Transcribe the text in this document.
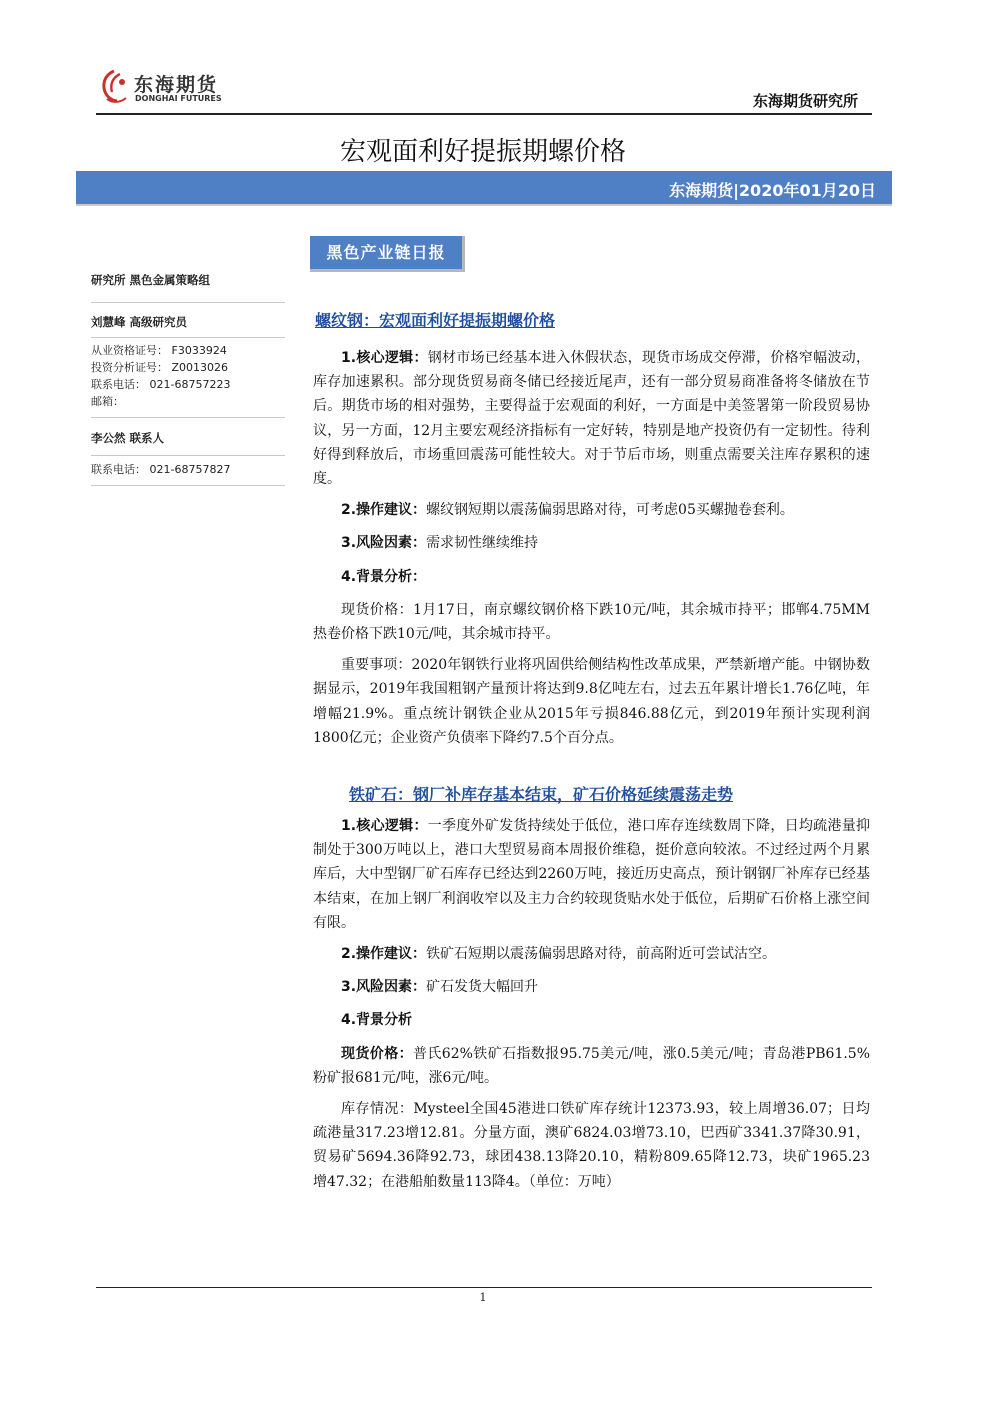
东海期货
DONGHAI FUTURES	东海期货研究所
宏观面利好提振期螺价格
东海期货|2020年01月20日
黑色产业链日报
研究所 黑色金属策略组
刘慧峰 高级研究员
从业资格证号： F3033924
投资分析证号： Z0013026
联系电话： 021-68757223
邮箱：
李公然 联系人
联系电话： 021-68757827
螺纹钢：宏观面利好提振期螺价格

1.核心逻辑：钢材市场已经基本进入休假状态，现货市场成交停滞，价格窄幅波动，库存加速累积。部分现货贸易商冬储已经接近尾声，还有一部分贸易商准备将冬储放在节后。期货市场的相对强势，主要得益于宏观面的利好，一方面是中美签署第一阶段贸易协议，另一方面，12月主要宏观经济指标有一定好转，特别是地产投资仍有一定韧性。待利好得到释放后，市场重回震荡可能性较大。对于节后市场，则重点需要关注库存累积的速度。

2.操作建议：螺纹钢短期以震荡偏弱思路对待，可考虑05买螺抛卷套利。

3.风险因素：需求韧性继续维持

4.背景分析：

现货价格：1月17日，南京螺纹钢价格下跌10元/吨，其余城市持平；邯郸4.75MM热卷价格下跌10元/吨，其余城市持平。

重要事项：2020年钢铁行业将巩固供给侧结构性改革成果，严禁新增产能。中钢协数据显示，2019年我国粗钢产量预计将达到9.8亿吨左右，过去五年累计增长1.76亿吨，年增幅21.9%。重点统计钢铁企业从2015年亏损846.88亿元，到2019年预计实现利润1800亿元；企业资产负债率下降约7.5个百分点。

铁矿石：钢厂补库存基本结束，矿石价格延续震荡走势

1.核心逻辑：一季度外矿发货持续处于低位，港口库存连续数周下降，日均疏港量抑制处于300万吨以上，港口大型贸易商本周报价维稳，挺价意向较浓。不过经过两个月累库后，大中型钢厂矿石库存已经达到2260万吨，接近历史高点，预计钢钢厂补库存已经基本结束，在加上钢厂利润收窄以及主力合约较现货贴水处于低位，后期矿石价格上涨空间有限。

2.操作建议：铁矿石短期以震荡偏弱思路对待，前高附近可尝试沽空。

3.风险因素：矿石发货大幅回升

4.背景分析

现货价格：普氏62%铁矿石指数报95.75美元/吨，涨0.5美元/吨；青岛港PB61.5%粉矿报681元/吨，涨6元/吨。

库存情况：Mysteel全国45港进口铁矿库存统计12373.93，较上周增36.07；日均疏港量317.23增12.81。分量方面，澳矿6824.03增73.10，巴西矿3341.37降30.91，贸易矿5694.36降92.73，球团438.13降20.10，精粉809.65降12.73，块矿1965.23增47.32；在港船舶数量113降4。（单位：万吨）

1
